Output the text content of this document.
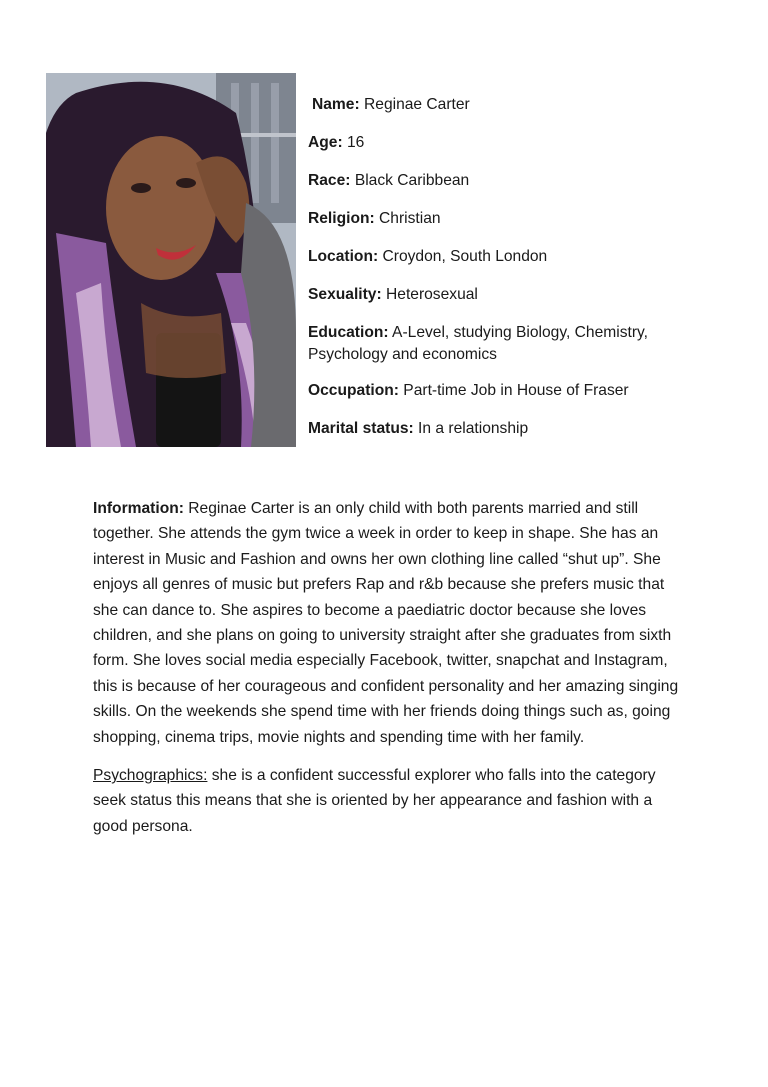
Name: Reginae Carter
Age: 16
Race: Black Caribbean
Religion: Christian
Location: Croydon, South London
Sexuality: Heterosexual
Education: A-Level, studying Biology, Chemistry, Psychology and economics
Occupation: Part-time Job in House of Fraser
Marital status: In a relationship

Information: Reginae Carter is an only child with both parents married and still together. She attends the gym twice a week in order to keep in shape. She has an interest in Music and Fashion and owns her own clothing line called “shut up”. She enjoys all genres of music but prefers Rap and r&b because she prefers music that she can dance to. She aspires to become a paediatric doctor because she loves children, and she plans on going to university straight after she graduates from sixth form. She loves social media especially Facebook, twitter, snapchat and Instagram, this is because of her courageous and confident personality and her amazing singing skills. On the weekends she spend time with her friends doing things such as, going shopping, cinema trips, movie nights and spending time with her family.

Psychographics: she is a confident successful explorer who falls into the category seek status this means that she is oriented by her appearance and fashion with a good persona.
